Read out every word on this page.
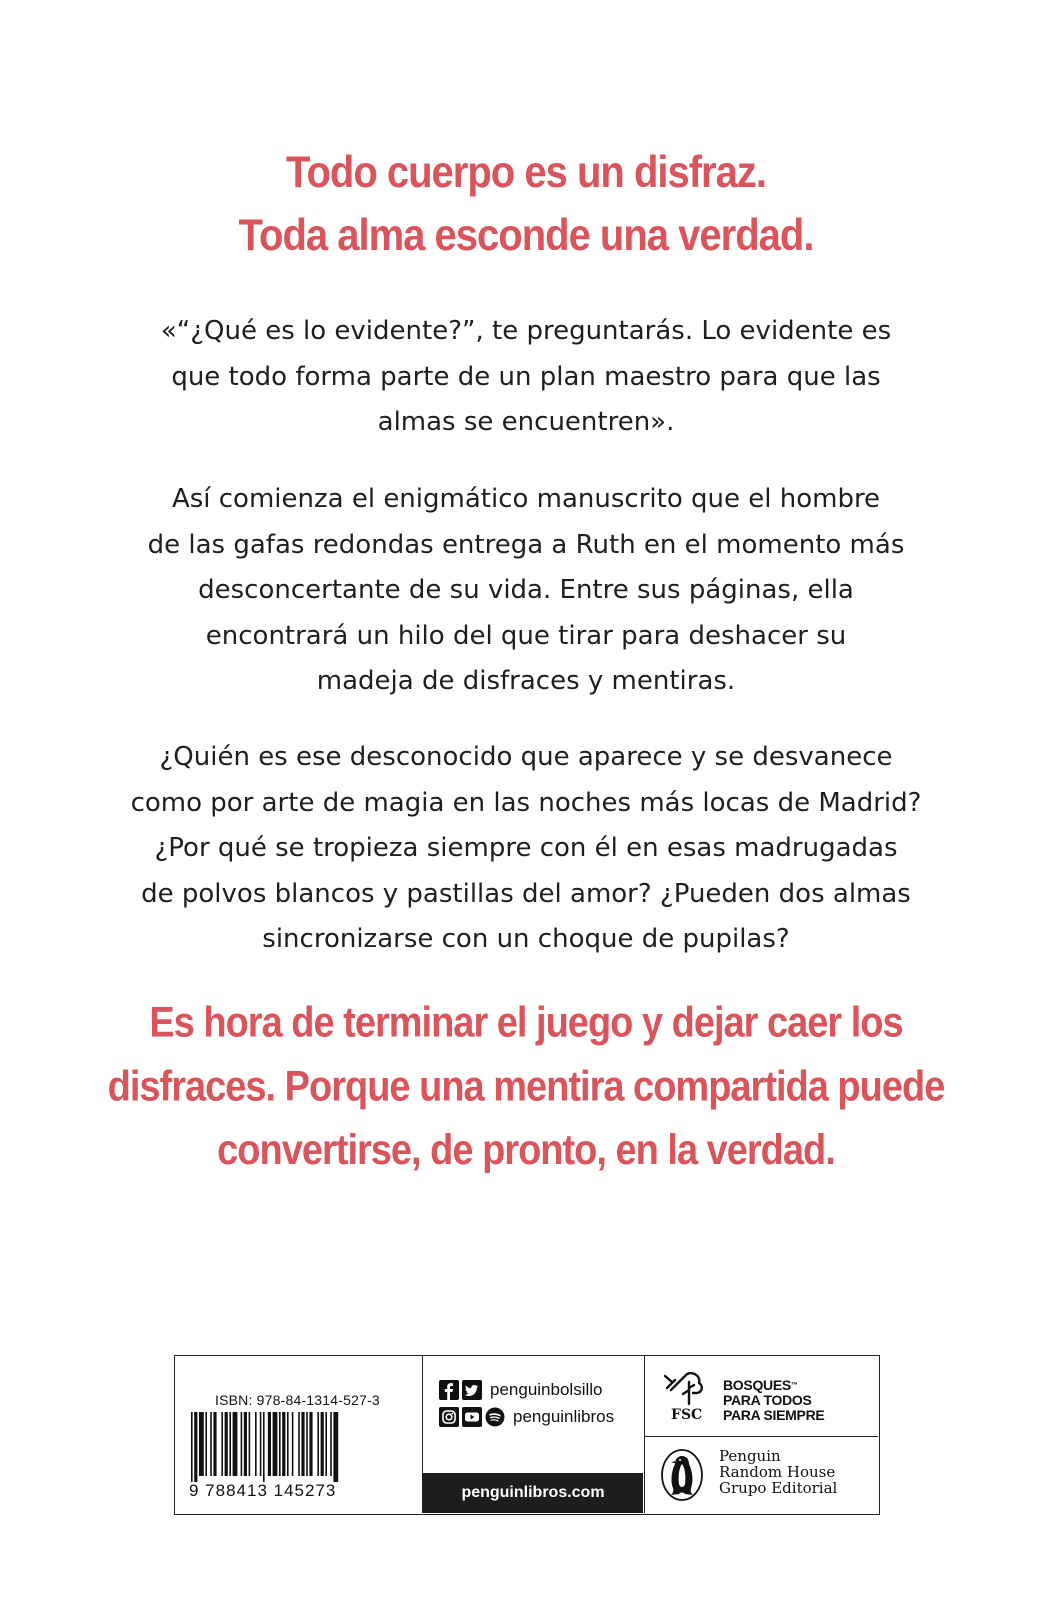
Todo cuerpo es un disfraz.
Toda alma esconde una verdad.
«“¿Qué es lo evidente?”, te preguntarás. Lo evidente es
que todo forma parte de un plan maestro para que las
almas se encuentren».
Así comienza el enigmático manuscrito que el hombre
de las gafas redondas entrega a Ruth en el momento más
desconcertante de su vida. Entre sus páginas, ella
encontrará un hilo del que tirar para deshacer su
madeja de disfraces y mentiras.
¿Quién es ese desconocido que aparece y se desvanece
como por arte de magia en las noches más locas de Madrid?
¿Por qué se tropieza siempre con él en esas madrugadas
de polvos blancos y pastillas del amor? ¿Pueden dos almas
sincronizarse con un choque de pupilas?
Es hora de terminar el juego y dejar caer los
disfraces. Porque una mentira compartida puede
convertirse, de pronto, en la verdad.
ISBN: 978-84-1314-527-3
9 788413 145273
penguinbolsillo
penguinlibros
penguinlibros.com
FSC
BOSQUES™
PARA TODOS
PARA SIEMPRE
Penguin
Random House
Grupo Editorial
